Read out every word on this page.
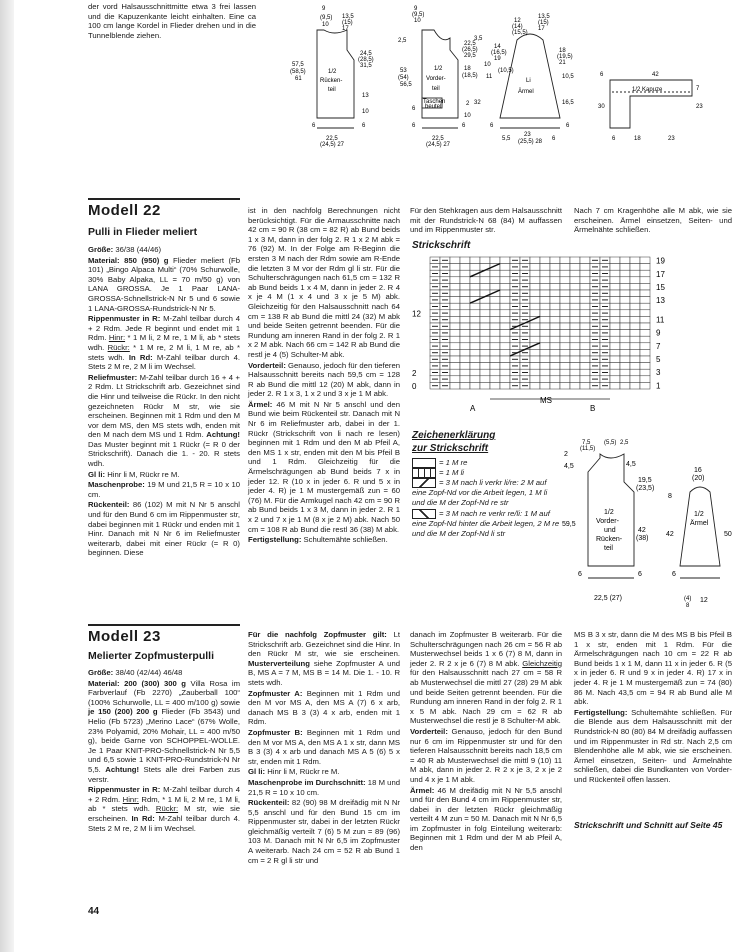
der vord Halsausschnittmitte etwa 3 frei lassen und die Kapuzenkante leicht einhalten. Eine ca 100 cm lange Kordel in Flieder drehen und in die Tunnelblende ziehen.
1/2
Rücken-
teil
57,5
(58,5)
61
9
13,5
(15)
17
(9,5)
10
24,5
(28,5)
31,5
13
10
6	6
22,5
(24,5) 27
1/2
Vorder-
teil
Taschen
beutel
53
(54)
56,5
9
(9,5)
10
2,5	22,5
(26,5)
29,5
18
(18,5)
2
10
6	6
6
22,5
(24,5) 27
Li
Ärmel
12
(14)
(15,5)
13,5
(15)
17
14
(16,5)
19
10
(10,5)
11
18
(19,5)
21
10,5
16,5
6
6
32
3,5
23
(25,5) 28
5,5	6
1/2 Kapuze
42
6
7
30	23
6	18	23
Modell 22
Pulli in Flieder meliert

Größe: 36/38 (44/46)

Material: 850 (950) g Flieder meliert (Fb 101) „Bingo Alpaca Multi“ (70% Schurwolle, 30% Baby Alpaka, LL = 70 m/50 g) von LANA GROSSA. Je 1 Paar LANA-GROSSA-Schnellstrick-N Nr 5 und 6 sowie 1 LANA-GROSSA-Rundstrick-N Nr 5.

Rippenmuster in R: M-Zahl teilbar durch 4 + 2 Rdm. Jede R beginnt und endet mit 1 Rdm. Hinr: * 1 M li, 2 M re, 1 M li, ab * stets wdh. Rückr: * 1 M re, 2 M li, 1 M re, ab * stets wdh. In Rd: M-Zahl teilbar durch 4. Stets 2 M re, 2 M li im Wechsel.

Reliefmuster: M-Zahl teilbar durch 16 + 4 + 2 Rdm. Lt Strickschrift arb. Gezeichnet sind die Hinr und teilweise die Rückr. In den nicht gezeichneten Rückr M str, wie sie erscheinen. Beginnen mit 1 Rdm und den M vor dem MS, den MS stets wdh, enden mit den M nach dem MS und 1 Rdm. Achtung! Das Muster beginnt mit 1 Rückr (= R 0 der Strickschrift). Danach die 1. - 20. R stets wdh.

Gl li: Hinr li M, Rückr re M.

Maschenprobe: 19 M und 21,5 R = 10 x 10 cm.

Rückenteil: 86 (102) M mit N Nr 5 anschl und für den Bund 6 cm im Rippenmuster str, dabei beginnen mit 1 Rückr und enden mit 1 Hinr. Danach mit N Nr 6 im Reliefmuster weiterarb, dabei mit einer Rückr (= R 0) beginnen. Diese

ist in den nachfolg Berechnungen nicht berücksichtigt. Für die Armausschnitte nach 42 cm = 90 R (38 cm = 82 R) ab Bund beids 1 x 3 M, dann in der folg 2. R 1 x 2 M abk = 76 (92) M. In der Folge am R-Beginn die ersten 3 M nach der Rdm sowie am R-Ende die letzten 3 M vor der Rdm gl li str. Für die Schulterschrägungen nach 61,5 cm = 132 R ab Bund beids 1 x 4 M, dann in jeder 2. R 4 x je 4 M (1 x 4 und 3 x je 5 M) abk. Gleichzeitig für den Halsausschnitt nach 64 cm = 138 R ab Bund die mittl 24 (32) M abk und beide Seiten getrennt beenden. Für die Rundung am inneren Rand in der folg 2. R 1 x 2 M abk. Nach 66 cm = 142 R ab Bund die restl je 4 (5) Schulter-M abk.

Vorderteil: Genauso, jedoch für den tieferen Halsausschnitt bereits nach 59,5 cm = 128 R ab Bund die mittl 12 (20) M abk, dann in jeder 2. R 1 x 3, 1 x 2 und 3 x je 1 M abk.

Ärmel: 46 M mit N Nr 5 anschl und den Bund wie beim Rückenteil str. Danach mit N Nr 6 im Reliefmuster arb, dabei in der 1. Rückr (Strickschrift von li nach re lesen) beginnen mit 1 Rdm und den M ab Pfeil A, den MS 1 x str, enden mit den M bis Pfeil B und 1 Rdm. Gleichzeitig für die Ärmelschrägungen ab Bund beids 7 x in jeder 12. R (10 x in jeder 6. R und 5 x in jeder 4. R) je 1 M mustergemäß zun = 60 (76) M. Für die Armkugel nach 42 cm = 90 R ab Bund beids 1 x 3 M, dann in jeder 2. R 1 x 2 und 7 x je 1 M (8 x je 2 M) abk. Nach 50 cm = 108 R ab Bund die restl 36 (38) M abk.

Fertigstellung: Schultemähte schließen.

Für den Stehkragen aus dem Halsausschnitt mit der Rundstrick-N 68 (84) M auffassen und im Rippenmuster str.
Nach 7 cm Kragenhöhe alle M abk, wie sie erscheinen. Ärmel einsetzen, Seiten- und Ärmelnähte schließen.
Strickschrift
19
17
15
13
11
9
7
5
3
1
12
2
0
MS
A	B
Zeichenerklärung
zur Strickschrift
= 1 M re
= 1 M li
= 3 M nach li verkr li/re: 2 M auf eine Zopf-Nd vor die Arbeit legen, 1 M li und die M der Zopf-Nd re str
= 3 M nach re verkr re/li: 1 M auf eine Zopf-Nd hinter die Arbeit legen, 2 M re und die M der Zopf-Nd li str
1/2
Vorder-
und
Rücken-
teil
7,5
(11,5)
(5,5) 2,5
2
4,5	4,5
19,5
(23,5)
59,5
42
(38)
6	6
22,5 (27)
16
(20)
8
1/2
Ärmel
42	50
6
(4)
8
12
Modell 23
Melierter Zopfmusterpulli

Größe: 38/40 (42/44) 46/48

Material: 200 (300) 300 g Villa Rosa im Farbverlauf (Fb 2270) „Zauberball 100“ (100% Schurwolle, LL = 400 m/100 g) sowie je 150 (200) 200 g Flieder (Fb 3543) und Helio (Fb 5723) „Merino Lace“ (67% Wolle, 23% Polyamid, 20% Mohair, LL = 400 m/50 g), beide Garne von SCHOPPEL-WOLLE. Je 1 Paar KNIT-PRO-Schnellstrick-N Nr 5,5 und 6,5 sowie 1 KNIT-PRO-Rundstrick-N Nr 5,5. Achtung! Stets alle drei Farben zus verstr.

Rippenmuster in R: M-Zahl teilbar durch 4 + 2 Rdm. Hinr: Rdm, * 1 M li, 2 M re, 1 M li, ab * stets wdh. Rückr: M str, wie sie erscheinen. In Rd: M-Zahl teilbar durch 4. Stets 2 M re, 2 M li im Wechsel.

Für die nachfolg Zopfmuster gilt: Lt Strickschrift arb. Gezeichnet sind die Hinr. In den Rückr M str, wie sie erscheinen. Musterverteilung siehe Zopfmuster A und B, MS A = 7 M, MS B = 14 M. Die 1. - 10. R stets wdh.

Zopfmuster A: Beginnen mit 1 Rdm und den M vor MS A, den MS A (7) 6 x arb, danach MS B 3 (3) 4 x arb, enden mit 1 Rdm.

Zopfmuster B: Beginnen mit 1 Rdm und den M vor MS A, den MS A 1 x str, dann MS B 3 (3) 4 x arb und danach MS A 5 (6) 5 x str, enden mit 1 Rdm.

Gl li: Hinr li M, Rückr re M.

Maschenprobe im Durchschnitt: 18 M und 21,5 R = 10 x 10 cm.

Rückenteil: 82 (90) 98 M dreifädig mit N Nr 5,5 anschl und für den Bund 15 cm im Rippenmuster str, dabei in der letzten Rückr gleichmäßig verteilt 7 (6) 5 M zun = 89 (96) 103 M. Danach mit N Nr 6,5 im Zopfmuster A weiterarb. Nach 24 cm = 52 R ab Bund 1 cm = 2 R gl li str und

danach im Zopfmuster B weiterarb. Für die Schulterschrägungen nach 26 cm = 56 R ab Musterwechsel beids 1 x 6 (7) 8 M, dann in jeder 2. R 2 x je 6 (7) 8 M abk. Gleichzeitig für den Halsausschnitt nach 27 cm = 58 R ab Musterwechsel die mittl 27 (28) 29 M abk und beide Seiten getrennt beenden. Für die Rundung am inneren Rand in der folg 2. R 1 x 5 M abk. Nach 29 cm = 62 R ab Musterwechsel die restl je 8 Schulter-M abk.

Vorderteil: Genauso, jedoch für den Bund nur 6 cm im Rippenmuster str und für den tieferen Halsausschnitt bereits nach 18,5 cm = 40 R ab Musterwechsel die mittl 9 (10) 11 M abk, dann in jeder 2. R 2 x je 3, 2 x je 2 und 4 x je 1 M abk.

Ärmel: 46 M dreifädig mit N Nr 5,5 anschl und für den Bund 4 cm im Rippenmuster str, dabei in der letzten Rückr gleichmäßig verteilt 4 M zun = 50 M. Danach mit N Nr 6,5 im Zopfmuster in folg Einteilung weiterarb: Beginnen mit 1 Rdm und der M ab Pfeil A, den

MS B 3 x str, dann die M des MS B bis Pfeil B 1 x str, enden mit 1 Rdm. Für die Ärmelschrägungen nach 10 cm = 22 R ab Bund beids 1 x 1 M, dann 11 x in jeder 6. R (5 x in jeder 6. R und 9 x in jeder 4. R) 17 x in jeder 4. R je 1 M mustergemäß zun = 74 (80) 86 M. Nach 43,5 cm = 94 R ab Bund alle M abk.

Fertigstellung: Schultemähte schließen. Für die Blende aus dem Halsausschnitt mit der Rundstrick-N 80 (80) 84 M dreifädig auffassen und im Rippenmuster in Rd str. Nach 2,5 cm Blendenhöhe alle M abk, wie sie erscheinen. Ärmel einsetzen, Seiten- und Ärmelnähte schließen, dabei die Bundkanten von Vorder- und Rückenteil offen lassen.

Strickschrift und Schnitt auf Seite 45
44
